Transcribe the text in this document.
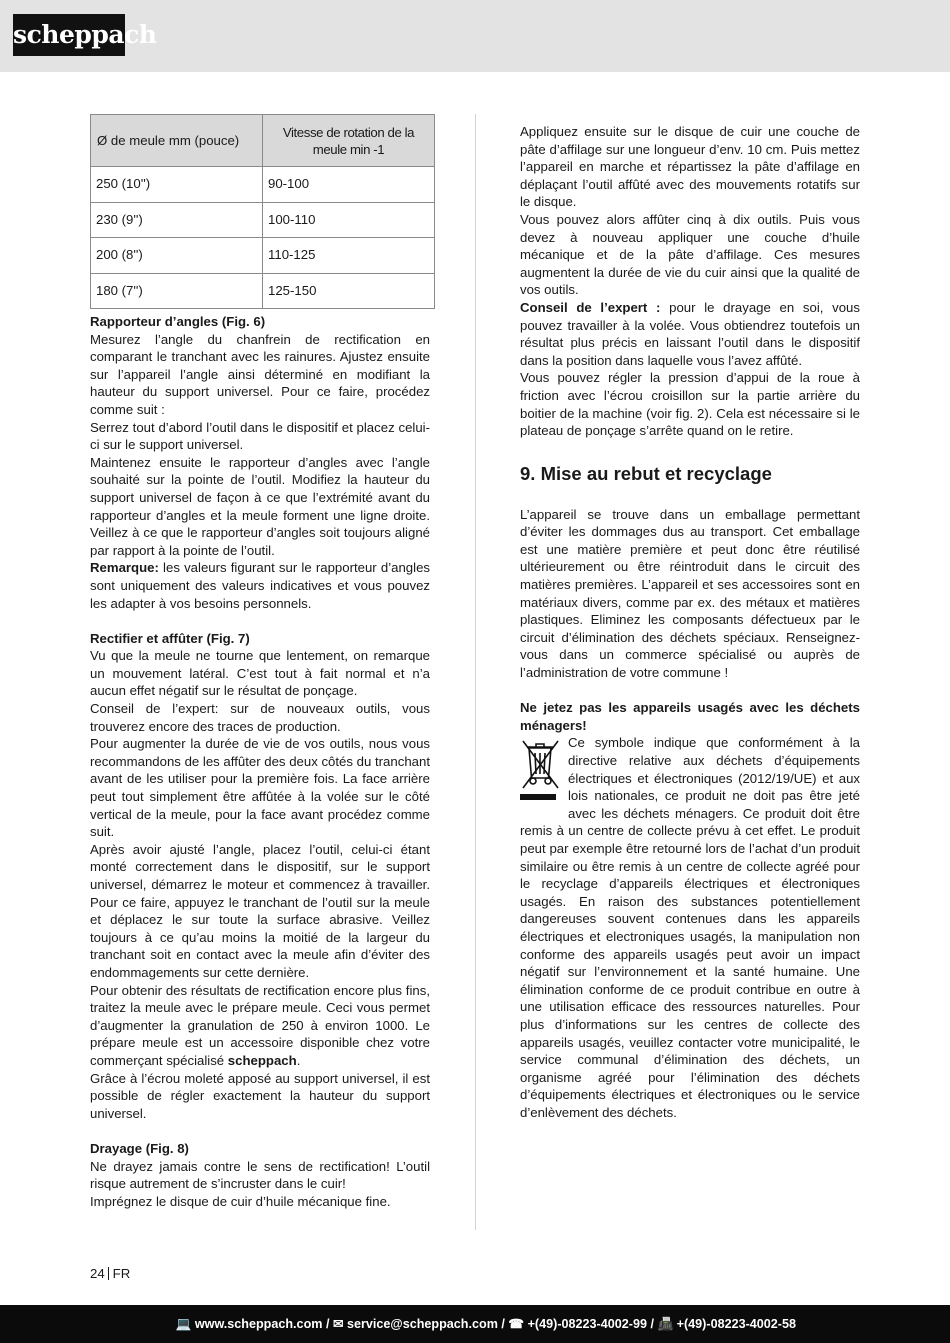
scheppach
Ø de meule mm (pouce)	Vitesse de rotation de la meule min -1
250 (10'')	90-100
230 (9'')	100-110
200 (8'')	110-125
180 (7'')	125-150

Rapporteur d’angles (Fig. 6)

Mesurez l’angle du chanfrein de rectification en comparant le tranchant avec les rainures. Ajustez ensuite sur l’appareil l’angle ainsi déterminé en modifiant la hauteur du support universel. Pour ce faire, procédez comme suit :

Serrez tout d’abord l’outil dans le dispositif et placez celui-ci sur le support universel.

Maintenez ensuite le rapporteur d’angles avec l’angle souhaité sur la pointe de l’outil. Modifiez la hauteur du support universel de façon à ce que l’extrémité avant du rapporteur d’angles et la meule forment une ligne droite. Veillez à ce que le rapporteur d’angles soit toujours aligné par rapport à la pointe de l’outil.

Remarque: les valeurs figurant sur le rapporteur d’angles sont uniquement des valeurs indicatives et vous pouvez les adapter à vos besoins personnels.

Rectifier et affûter (Fig. 7)

Vu que la meule ne tourne que lentement, on remarque un mouvement latéral. C’est tout à fait normal et n’a aucun effet négatif sur le résultat de ponçage.

Conseil de l’expert: sur de nouveaux outils, vous trouverez encore des traces de production.

Pour augmenter la durée de vie de vos outils, nous vous recommandons de les affûter des deux côtés du tranchant avant de les utiliser pour la première fois. La face arrière peut tout simplement être affûtée à la volée sur le côté vertical de la meule, pour la face avant procédez comme suit.

Après avoir ajusté l’angle, placez l’outil, celui-ci étant monté correctement dans le dispositif, sur le support universel, démarrez le moteur et commencez à travailler. Pour ce faire, appuyez le tranchant de l’outil sur la meule et déplacez le sur toute la surface abrasive. Veillez toujours à ce qu’au moins la moitié de la largeur du tranchant soit en contact avec la meule afin d’éviter des endommagements sur cette dernière.

Pour obtenir des résultats de rectification encore plus fins, traitez la meule avec le prépare meule. Ceci vous permet d’augmenter la granulation de 250 à environ 1000. Le prépare meule est un accessoire disponible chez votre commerçant spécialisé scheppach.

Grâce à l’écrou moleté apposé au support universel, il est possible de régler exactement la hauteur du support universel.

Drayage (Fig. 8)

Ne drayez jamais contre le sens de rectification! L’outil risque autrement de s’incruster dans le cuir!

Imprégnez le disque de cuir d’huile mécanique fine.

Appliquez ensuite sur le disque de cuir une couche de pâte d’affilage sur une longueur d’env. 10 cm. Puis mettez l’appareil en marche et répartissez la pâte d’affilage en déplaçant l’outil affûté avec des mouvements rotatifs sur le disque.

Vous pouvez alors affûter cinq à dix outils. Puis vous devez à nouveau appliquer une couche d’huile mécanique et de la pâte d’affilage. Ces mesures augmentent la durée de vie du cuir ainsi que la qualité de vos outils.

Conseil de l’expert : pour le drayage en soi, vous pouvez travailler à la volée. Vous obtiendrez toutefois un résultat plus précis en laissant l’outil dans le dispositif dans la position dans laquelle vous l’avez affûté.

Vous pouvez régler la pression d’appui de la roue à friction avec l’écrou croisillon sur la partie arrière du boitier de la machine (voir fig. 2). Cela est nécessaire si le plateau de ponçage s’arrête quand on le retire.

9. Mise au rebut et recyclage

L’appareil se trouve dans un emballage permettant d’éviter les dommages dus au transport. Cet emballage est une matière première et peut donc être réutilisé ultérieurement ou être réintroduit dans le circuit des matières premières. L’appareil et ses accessoires sont en matériaux divers, comme par ex. des métaux et matières plastiques. Eliminez les composants défectueux par le circuit d’élimination des déchets spéciaux. Renseignez-vous dans un commerce spécialisé ou auprès de l’administration de votre commune !

Ne jetez pas les appareils usagés avec les déchets ménagers!

Ce symbole indique que conformément à la directive relative aux déchets d’équipements électriques et électroniques (2012/19/UE) et aux lois nationales, ce produit ne doit pas être jeté avec les déchets ménagers. Ce produit doit être remis à un centre de collecte prévu à cet effet. Le produit peut par exemple être retourné lors de l’achat d’un produit similaire ou être remis à un centre de collecte agréé pour le recyclage d’appareils électriques et électroniques usagés. En raison des substances potentiellement dangereuses souvent contenues dans les appareils électriques et electroniques usagés, la manipulation non conforme des appareils usagés peut avoir un impact négatif sur l’environnement et la santé humaine. Une élimination conforme de ce produit contribue en outre à une utilisation efficace des ressources naturelles. Pour plus d’informations sur les centres de collecte des appareils usagés, veuillez contacter votre municipalité, le service communal d’élimination des déchets, un organisme agréé pour l’élimination des déchets d’équipements électriques et électroniques ou le service d’enlèvement des déchets.

24 FR
💻 www.scheppach.com / ✉ service@scheppach.com / ☎ +(49)-08223-4002-99 / 📠 +(49)-08223-4002-58
